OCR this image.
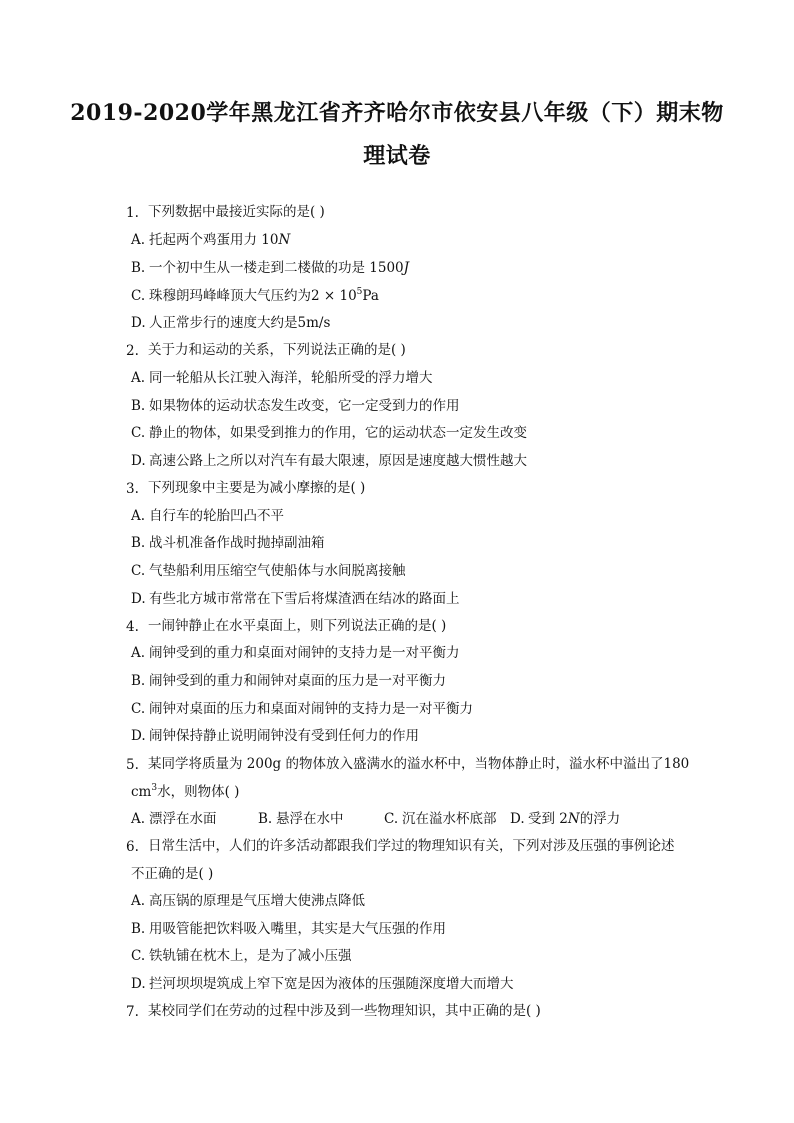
2019-2020学年黑龙江省齐齐哈尔市依安县八年级（下）期末物
理试卷
1. 下列数据中最接近实际的是( )
A. 托起两个鸡蛋用力 10N
B. 一个初中生从一楼走到二楼做的功是 1500J
C. 珠穆朗玛峰峰顶大气压约为$2 \times 10^5Pa$
D. 人正常步行的速度大约是5m/s
2. 关于力和运动的关系，下列说法正确的是( )
A. 同一轮船从长江驶入海洋，轮船所受的浮力增大
B. 如果物体的运动状态发生改变，它一定受到力的作用
C. 静止的物体，如果受到推力的作用，它的运动状态一定发生改变
D. 高速公路上之所以对汽车有最大限速，原因是速度越大惯性越大
3. 下列现象中主要是为减小摩擦的是( )
A. 自行车的轮胎凹凸不平
B. 战斗机准备作战时抛掉副油箱
C. 气垫船利用压缩空气使船体与水间脱离接触
D. 有些北方城市常常在下雪后将煤渣洒在结冰的路面上
4. 一闹钟静止在水平桌面上，则下列说法正确的是( )
A. 闹钟受到的重力和桌面对闹钟的支持力是一对平衡力
B. 闹钟受到的重力和闹钟对桌面的压力是一对平衡力
C. 闹钟对桌面的压力和桌面对闹钟的支持力是一对平衡力
D. 闹钟保持静止说明闹钟没有受到任何力的作用
5. 某同学将质量为 200g 的物体放入盛满水的溢水杯中，当物体静止时，溢水杯中溢出了180
$cm^3$水，则物体( )
A. 漂浮在水面	B. 悬浮在水中	C. 沉在溢水杯底部 D. 受到 2N的浮力
6. 日常生活中，人们的许多活动都跟我们学过的物理知识有关，下列对涉及压强的事例论述
不正确的是( )
A. 高压锅的原理是气压增大使沸点降低
B. 用吸管能把饮料吸入嘴里，其实是大气压强的作用
C. 铁轨铺在枕木上，是为了减小压强
D. 拦河坝坝堤筑成上窄下宽是因为液体的压强随深度增大而增大
7. 某校同学们在劳动的过程中涉及到一些物理知识，其中正确的是( )
